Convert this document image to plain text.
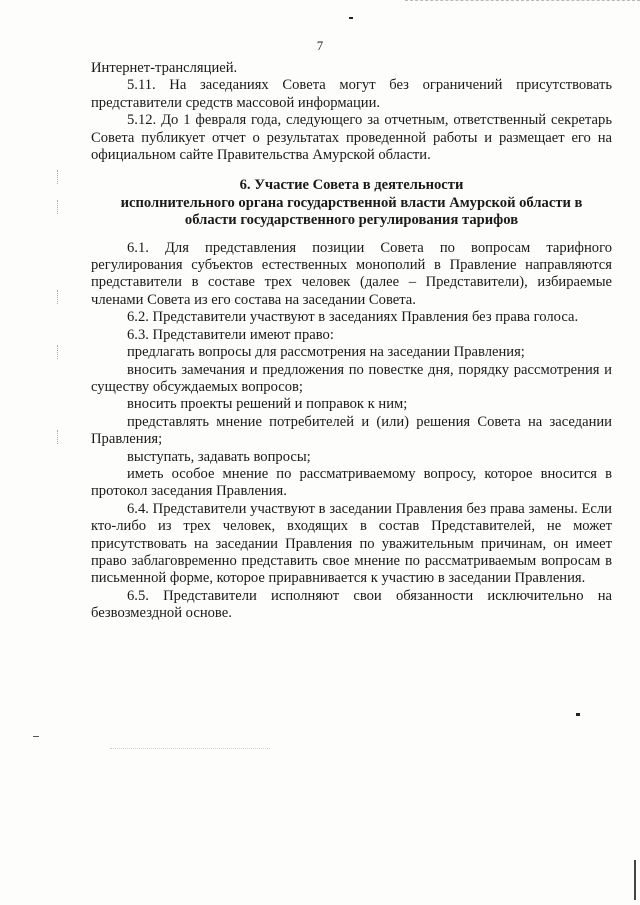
7

Интернет-трансляцией.

5.11. На заседаниях Совета могут без ограничений присутствовать представители средств массовой информации.

5.12. До 1 февраля года, следующего за отчетным, ответственный секретарь Совета публикует отчет о результатах проведенной работы и размещает его на официальном сайте Правительства Амурской области.

6. Участие Совета в деятельности
исполнительного органа государственной власти Амурской области в
области государственного регулирования тарифов

6.1. Для представления позиции Совета по вопросам тарифного регулирования субъектов естественных монополий в Правление направляются представители в составе трех человек (далее – Представители), избираемые членами Совета из его состава на заседании Совета.

6.2. Представители участвуют в заседаниях Правления без права голоса.

6.3. Представители имеют право:

предлагать вопросы для рассмотрения на заседании Правления;

вносить замечания и предложения по повестке дня, порядку рассмотрения и существу обсуждаемых вопросов;

вносить проекты решений и поправок к ним;

представлять мнение потребителей и (или) решения Совета на заседании Правления;

выступать, задавать вопросы;

иметь особое мнение по рассматриваемому вопросу, которое вносится в протокол заседания Правления.

6.4. Представители участвуют в заседании Правления без права замены. Если кто-либо из трех человек, входящих в состав Представителей, не может присутствовать на заседании Правления по уважительным причинам, он имеет право заблаговременно представить свое мнение по рассматриваемым вопросам в письменной форме, которое приравнивается к участию в заседании Правления.

6.5. Представители исполняют свои обязанности исключительно на безвозмездной основе.
